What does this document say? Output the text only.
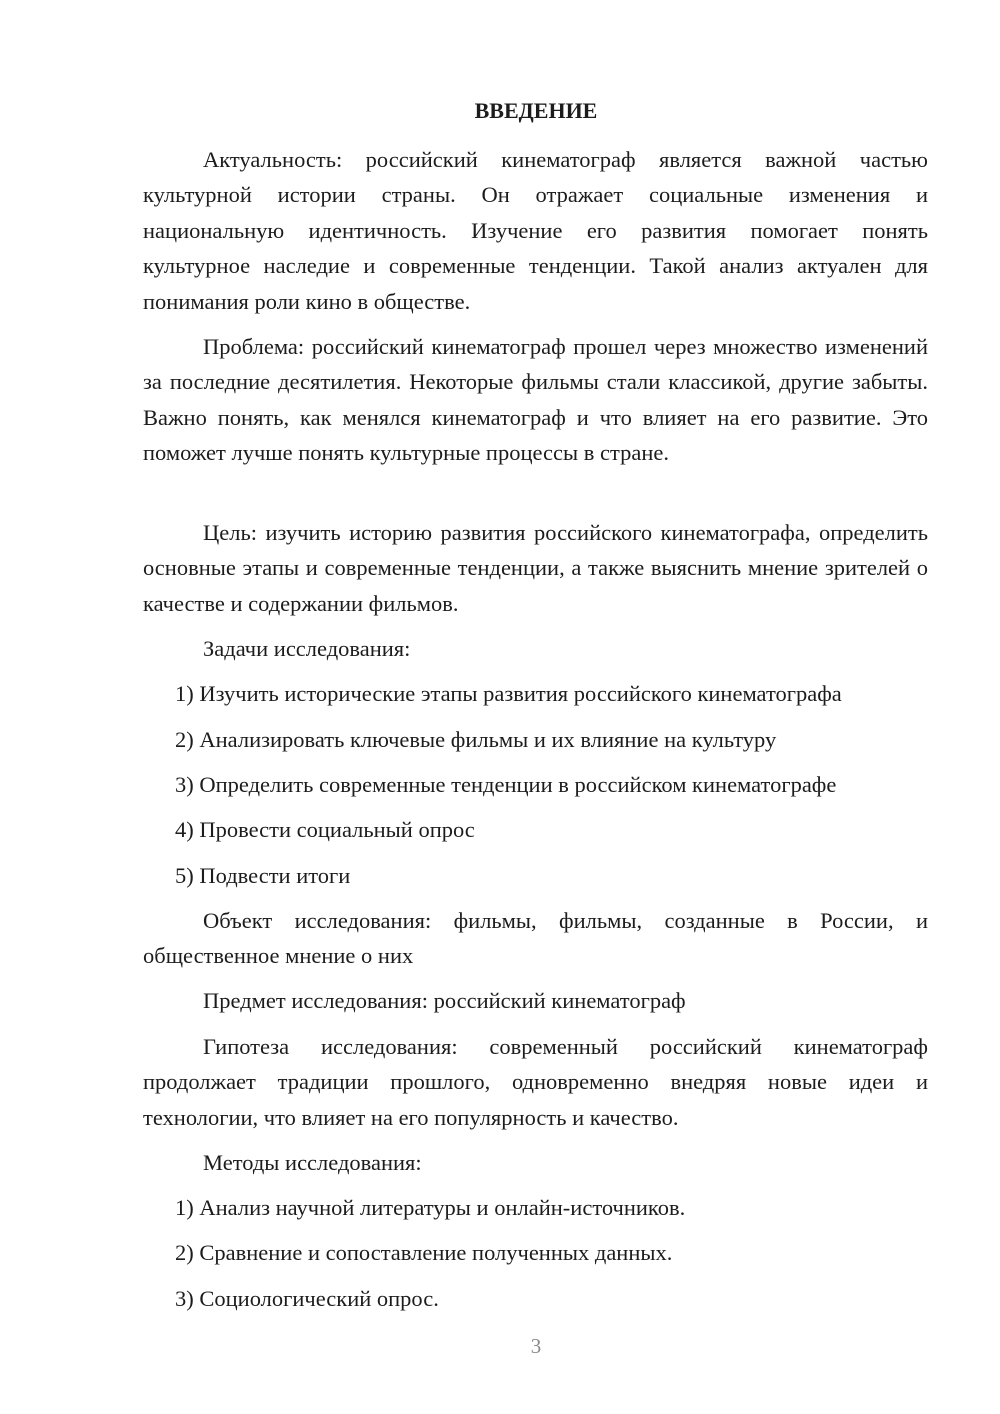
ВВЕДЕНИЕ

Актуальность: российский кинематограф является важной частью культурной истории страны. Он отражает социальные изменения и национальную идентичность. Изучение его развития помогает понять культурное наследие и современные тенденции. Такой анализ актуален для понимания роли кино в обществе.

Проблема: российский кинематограф прошел через множество изменений за последние десятилетия. Некоторые фильмы стали классикой, другие забыты. Важно понять, как менялся кинематограф и что влияет на его развитие. Это поможет лучше понять культурные процессы в стране.

Цель: изучить историю развития российского кинематографа, определить основные этапы и современные тенденции, а также выяснить мнение зрителей о качестве и содержании фильмов.

Задачи исследования:

1) Изучить исторические этапы развития российского кинематографа

2) Анализировать ключевые фильмы и их влияние на культуру

3) Определить современные тенденции в российском кинематографе

4) Провести социальный опрос

5) Подвести итоги

Объект исследования: фильмы, фильмы, созданные в России, и общественное мнение о них

Предмет исследования: российский кинематограф

Гипотеза исследования: современный российский кинематограф продолжает традиции прошлого, одновременно внедряя новые идеи и технологии, что влияет на его популярность и качество.

Методы исследования:

1) Анализ научной литературы и онлайн-источников.

2) Сравнение и сопоставление полученных данных.

3) Социологический опрос.

3
